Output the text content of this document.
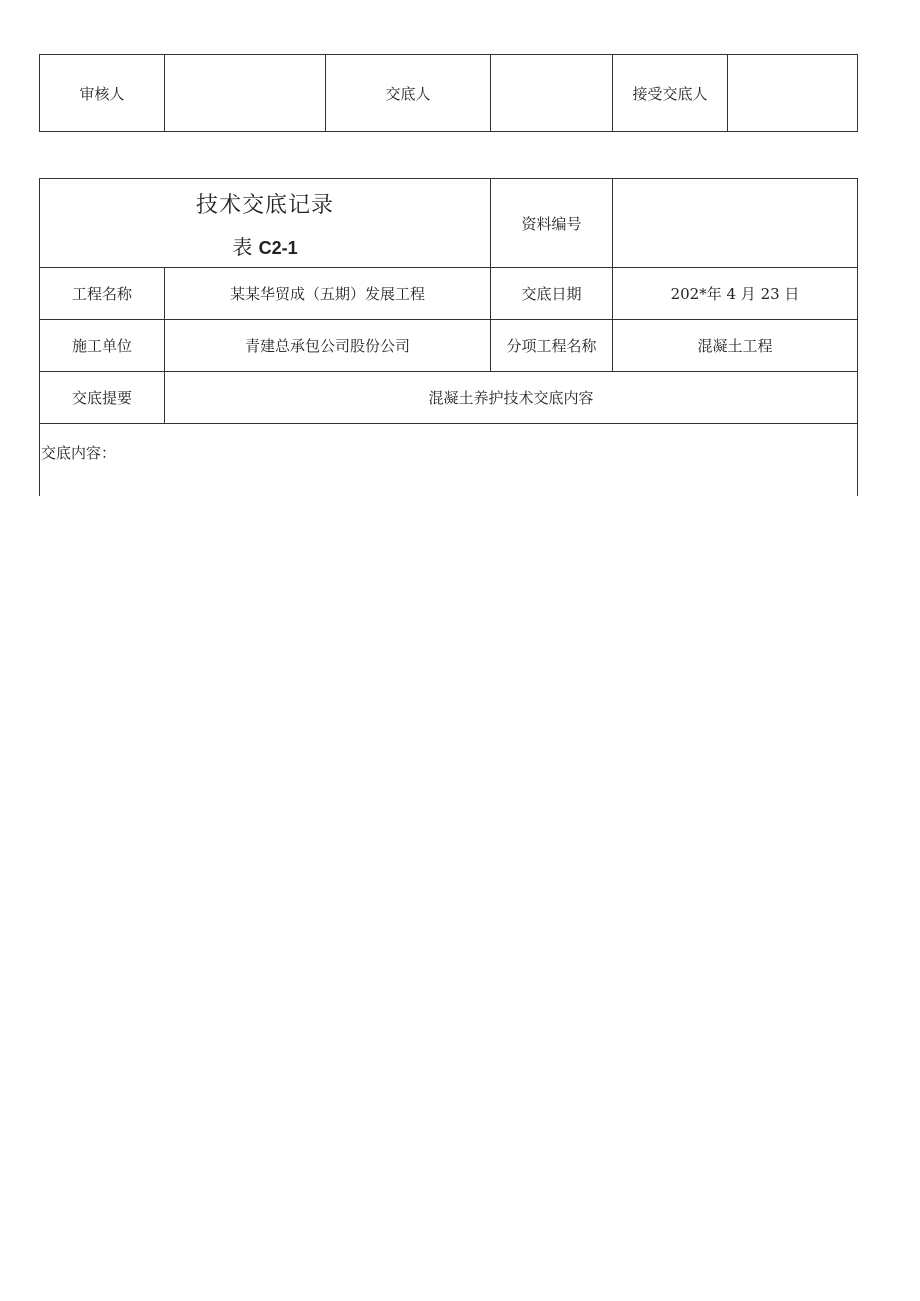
审核人		交底人		接受交底人	
技术交底记录
表 C2-1		资料编号	
工程名称	某某华贸成（五期）发展工程	交底日期	202*年 4 月 23 日
施工单位	青建总承包公司股份公司	分项工程名称	混凝土工程
交底提要	混凝土养护技术交底内容		
交底内容：			
